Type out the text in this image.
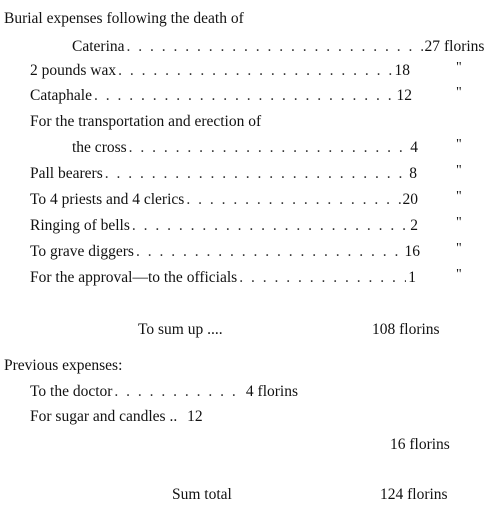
Burial expenses following the death of
Caterina . . .	27 florins
2 pounds wax . . .	18	"
Cataphale . . .	12	"
For the transportation and erection of
the cross . . .	4	"
Pall bearers . . .	8	"
To 4 priests and 4 clerics . . .	20	"
Ringing of bells . . .	2	"
To grave diggers . . .	16	"
For the approval—to the officials . . .	1	"
To sum up ....	108 florins
Previous expenses:
To the doctor . . .	4 florins
For sugar and candles .. 12
16 florins
Sum total	124 florins
